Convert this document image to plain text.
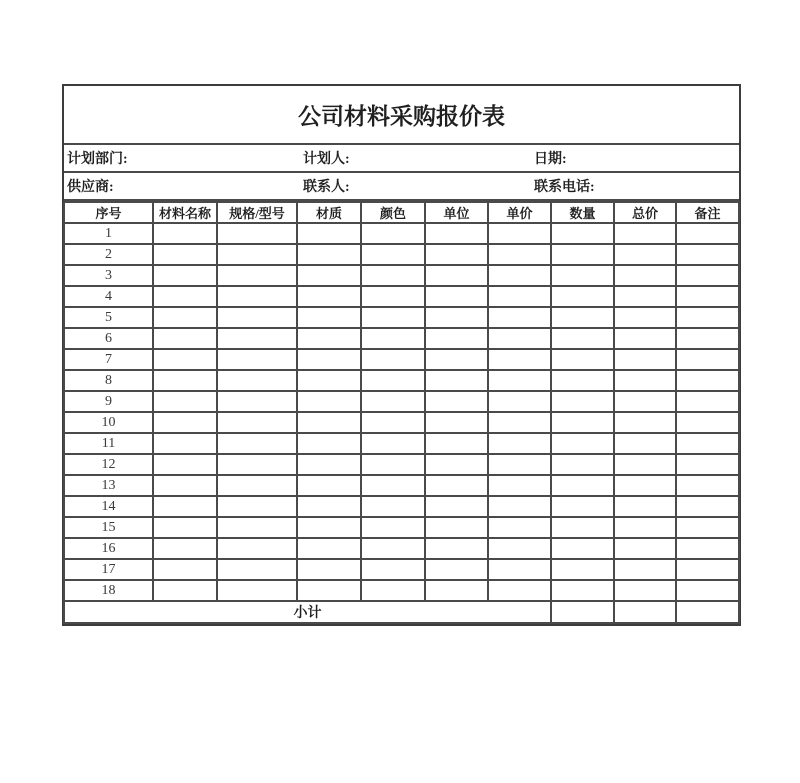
公司材料采购报价表
计划部门:	计划人:	日期:
供应商:	联系人:	联系电话:
序号	材料名称	规格/型号	材质	颜色	单位	单价	数量	总价	备注
1									
2									
3									
4									
5									
6									
7									
8									
9									
10									
11									
12									
13									
14									
15									
16									
17									
18									
小计									
